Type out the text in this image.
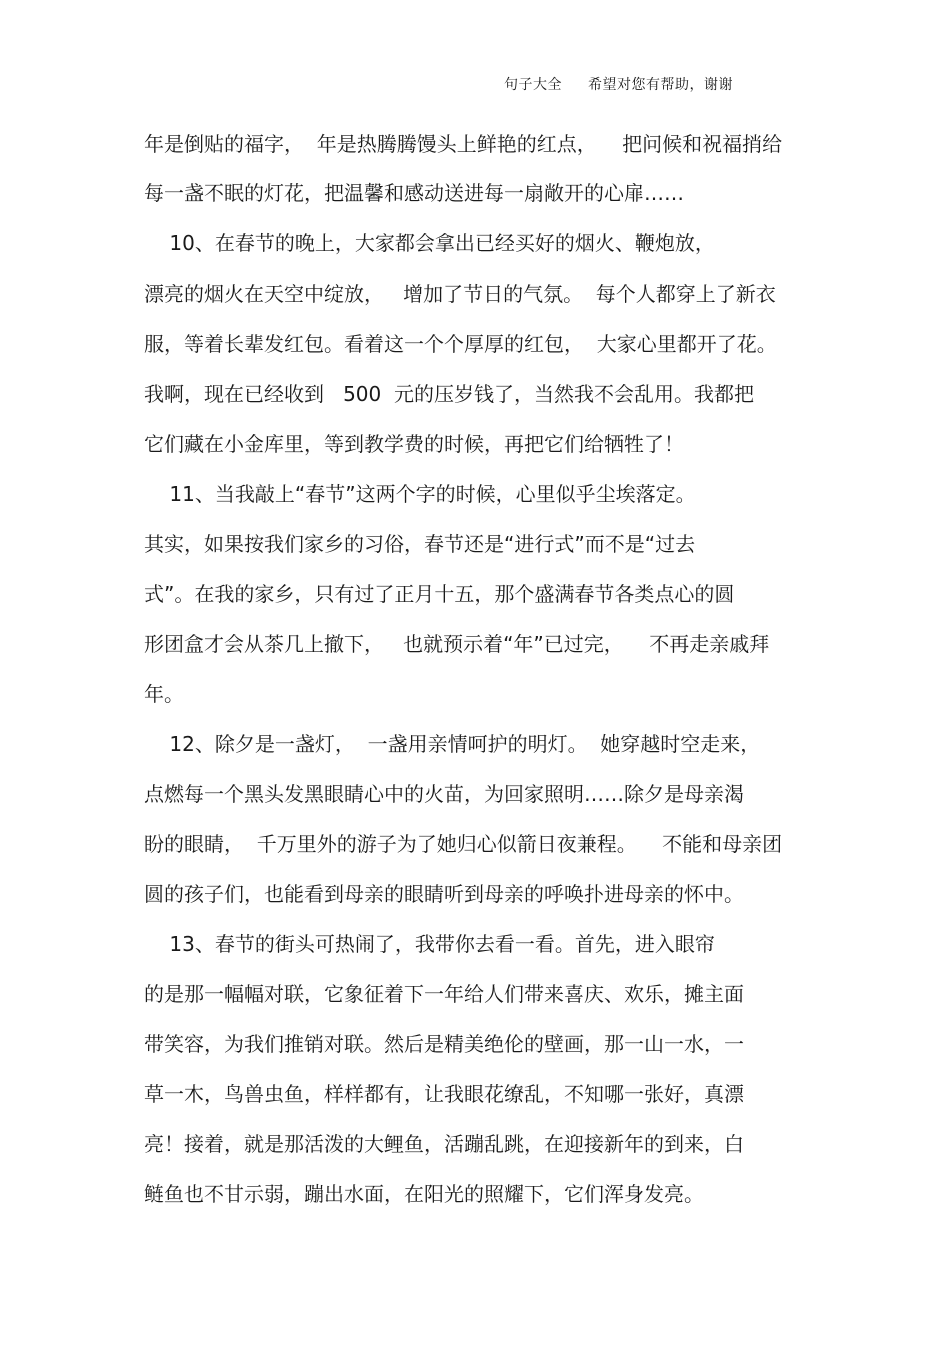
句子大全 希望对您有帮助，谢谢
年是倒贴的福字，  年是热腾腾馒头上鲜艳的红点，    把问候和祝福捎给
每一盏不眠的灯花，把温馨和感动送进每一扇敞开的心扉……
10、在春节的晚上，大家都会拿出已经买好的烟火、鞭炮放，
漂亮的烟火在天空中绽放，   增加了节日的气氛。  每个人都穿上了新衣
服，等着长辈发红包。看着这一个个厚厚的红包，  大家心里都开了花。
我啊，现在已经收到   500  元的压岁钱了，当然我不会乱用。我都把
它们藏在小金库里，等到教学费的时候，再把它们给牺牲了！
11、当我敲上“春节”这两个字的时候，心里似乎尘埃落定。
其实，如果按我们家乡的习俗，春节还是“进行式”而不是“过去
式”。在我的家乡，只有过了正月十五，那个盛满春节各类点心的圆
形团盒才会从茶几上撤下，   也就预示着“年”已过完，    不再走亲戚拜
年。
12、除夕是一盏灯，  一盏用亲情呵护的明灯。  她穿越时空走来，
点燃每一个黑头发黑眼睛心中的火苗，为回家照明……除夕是母亲渴
盼的眼睛，  千万里外的游子为了她归心似箭日夜兼程。    不能和母亲团
圆的孩子们，也能看到母亲的眼睛听到母亲的呼唤扑进母亲的怀中。
13、春节的街头可热闹了，我带你去看一看。首先，进入眼帘
的是那一幅幅对联，它象征着下一年给人们带来喜庆、欢乐，摊主面
带笑容，为我们推销对联。然后是精美绝伦的壁画，那一山一水，一
草一木，鸟兽虫鱼，样样都有，让我眼花缭乱，不知哪一张好，真漂
亮！接着，就是那活泼的大鲤鱼，活蹦乱跳，在迎接新年的到来，白
鲢鱼也不甘示弱，蹦出水面，在阳光的照耀下，它们浑身发亮。
